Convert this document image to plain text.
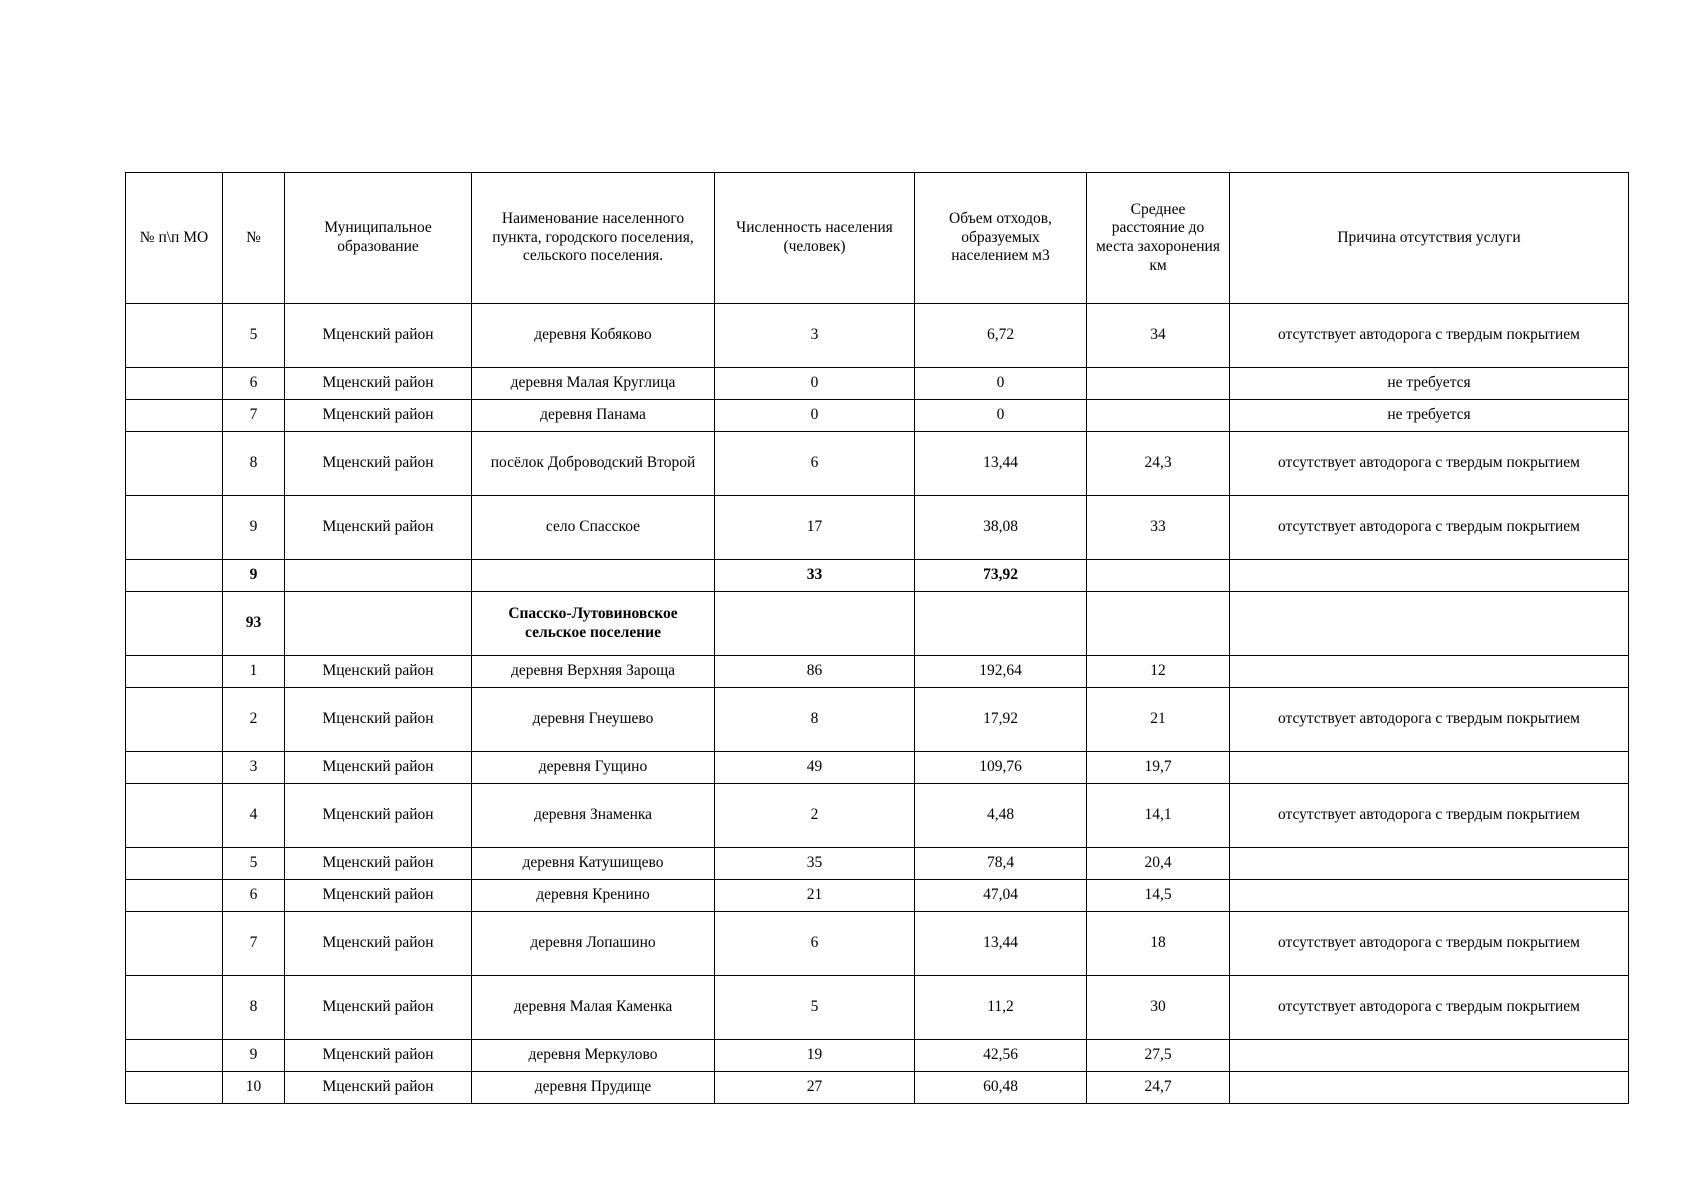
№ п\п МО	№	Муниципальное образование	Наименование населенного пункта, городского поселения, сельского поселения.	Численность населения (человек)	Объем отходов, образуемых населением м3	Среднее расстояние до места захоронения км	Причина отсутствия услуги
	5	Мценский район	деревня Кобяково	3	6,72	34	отсутствует автодорога с твердым покрытием
	6	Мценский район	деревня Малая Круглица	0	0		не требуется
	7	Мценский район	деревня Панама	0	0		не требуется
	8	Мценский район	посёлок Доброводский Второй	6	13,44	24,3	отсутствует автодорога с твердым покрытием
	9	Мценский район	село Спасское	17	38,08	33	отсутствует автодорога с твердым покрытием
	9			33	73,92		
	93		Спасско-Лутовиновское сельское поселение				
	1	Мценский район	деревня Верхняя Зароща	86	192,64	12	
	2	Мценский район	деревня Гнеушево	8	17,92	21	отсутствует автодорога с твердым покрытием
	3	Мценский район	деревня Гущино	49	109,76	19,7	
	4	Мценский район	деревня Знаменка	2	4,48	14,1	отсутствует автодорога с твердым покрытием
	5	Мценский район	деревня Катушищево	35	78,4	20,4	
	6	Мценский район	деревня Кренино	21	47,04	14,5	
	7	Мценский район	деревня Лопашино	6	13,44	18	отсутствует автодорога с твердым покрытием
	8	Мценский район	деревня Малая Каменка	5	11,2	30	отсутствует автодорога с твердым покрытием
	9	Мценский район	деревня Меркулово	19	42,56	27,5	
	10	Мценский район	деревня Прудище	27	60,48	24,7	
